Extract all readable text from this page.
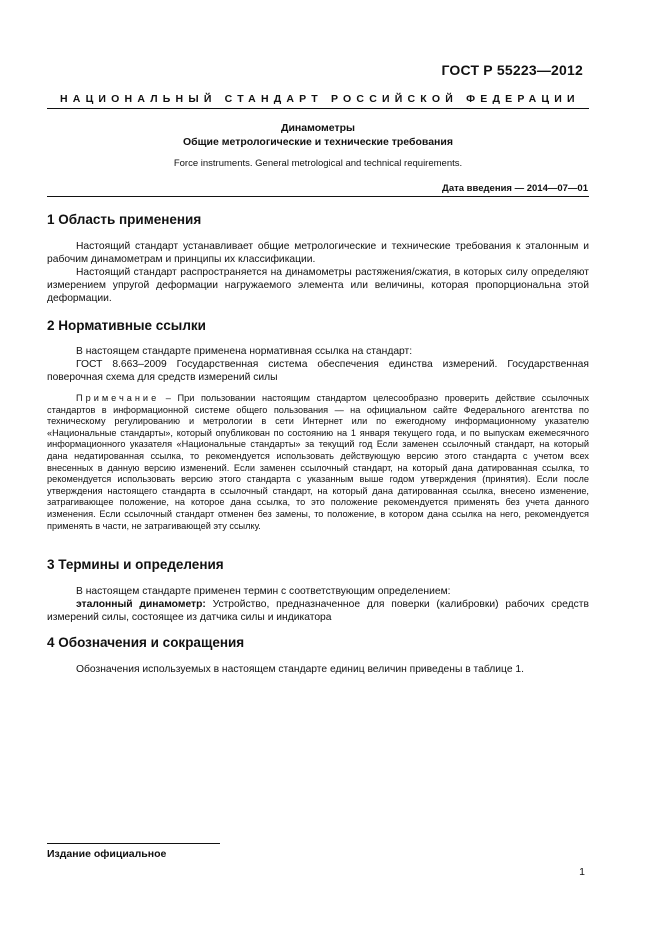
ГОСТ Р 55223—2012
НАЦИОНАЛЬНЫЙ СТАНДАРТ РОССИЙСКОЙ ФЕДЕРАЦИИ
Динамометры
Общие метрологические и технические требования
Force instruments. General metrological and technical requirements.
Дата введения — 2014—07—01
1 Область применения

Настоящий стандарт устанавливает общие метрологические и технические требования к эталонным и рабочим динамометрам и принципы их классификации.

Настоящий стандарт распространяется на динамометры растяжения/сжатия, в которых силу определяют измерением упругой деформации нагружаемого элемента или величины, которая пропорциональна этой деформации.

2 Нормативные ссылки

В настоящем стандарте применена нормативная ссылка на стандарт:

ГОСТ 8.663–2009 Государственная система обеспечения единства измерений. Государственная поверочная схема для средств измерений силы

Примечание – При пользовании настоящим стандартом целесообразно проверить действие ссылочных стандартов в информационной системе общего пользования — на официальном сайте Федерального агентства по техническому регулированию и метрологии в сети Интернет или по ежегодному информационному указателю «Национальные стандарты», который опубликован по состоянию на 1 января текущего года, и по выпускам ежемесячного информационного указателя «Национальные стандарты» за текущий год Если заменен ссылочный стандарт, на который дана недатированная ссылка, то рекомендуется использовать действующую версию этого стандарта с учетом всех внесенных в данную версию изменений. Если заменен ссылочный стандарт, на который дана датированная ссылка, то рекомендуется использовать версию этого стандарта с указанным выше годом утверждения (принятия). Если после утверждения настоящего стандарта в ссылочный стандарт, на который дана датированная ссылка, внесено изменение, затрагивающее положение, на которое дана ссылка, то это положение рекомендуется применять без учета данного изменения. Если ссылочный стандарт отменен без замены, то положение, в котором дана ссылка на него, рекомендуется применять в части, не затрагивающей эту ссылку.

3 Термины и определения

В настоящем стандарте применен термин с соответствующим определением:

эталонный динамометр: Устройство, предназначенное для поверки (калибровки) рабочих средств измерений силы, состоящее из датчика силы и индикатора

4 Обозначения и сокращения

Обозначения используемых в настоящем стандарте единиц величин приведены в таблице 1.

Издание официальное
1
